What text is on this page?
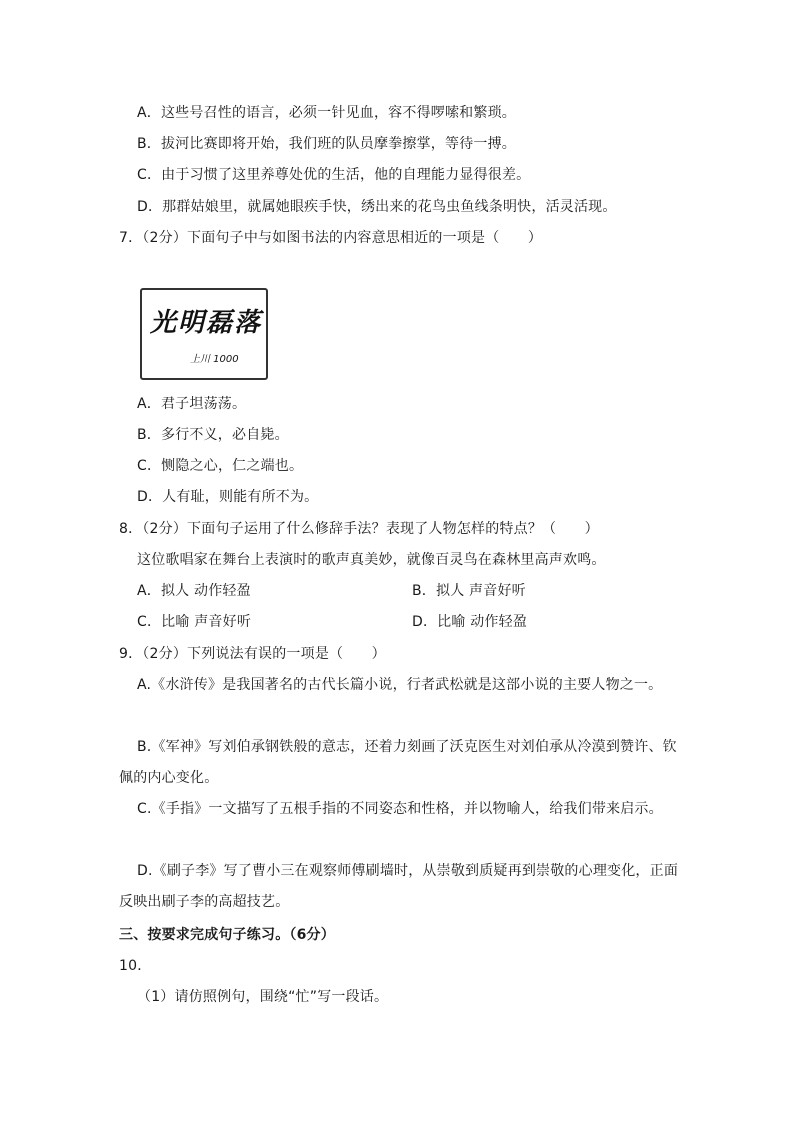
A．这些号召性的语言，必须一针见血，容不得啰嗦和繁琐。
B．拔河比赛即将开始，我们班的队员摩拳擦掌，等待一搏。
C．由于习惯了这里养尊处优的生活，他的自理能力显得很差。
D．那群姑娘里，就属她眼疾手快，绣出来的花鸟虫鱼线条明快，活灵活现。
7．（2分）下面句子中与如图书法的内容意思相近的一项是（　　）
光明磊落
上川 1000
A．君子坦荡荡。
B．多行不义，必自毙。
C．恻隐之心，仁之端也。
D．人有耻，则能有所不为。
8．（2分）下面句子运用了什么修辞手法？表现了人物怎样的特点？（　　）
这位歌唱家在舞台上表演时的歌声真美妙，就像百灵鸟在森林里高声欢鸣。
A．拟人 动作轻盈	B．拟人 声音好听
C．比喻 声音好听	D．比喻 动作轻盈
9．（2分）下列说法有误的一项是（　　）
A.《水浒传》是我国著名的古代长篇小说，行者武松就是这部小说的主要人物之一。
B.《军神》写刘伯承钢铁般的意志，还着力刻画了沃克医生对刘伯承从冷漠到赞许、钦
佩的内心变化。
C.《手指》一文描写了五根手指的不同姿态和性格，并以物喻人，给我们带来启示。
D.《刷子李》写了曹小三在观察师傅刷墙时，从崇敬到质疑再到崇敬的心理变化，正面
反映出刷子李的高超技艺。
三、按要求完成句子练习。（6分）
10．
（1）请仿照例句，围绕“忙”写一段话。
